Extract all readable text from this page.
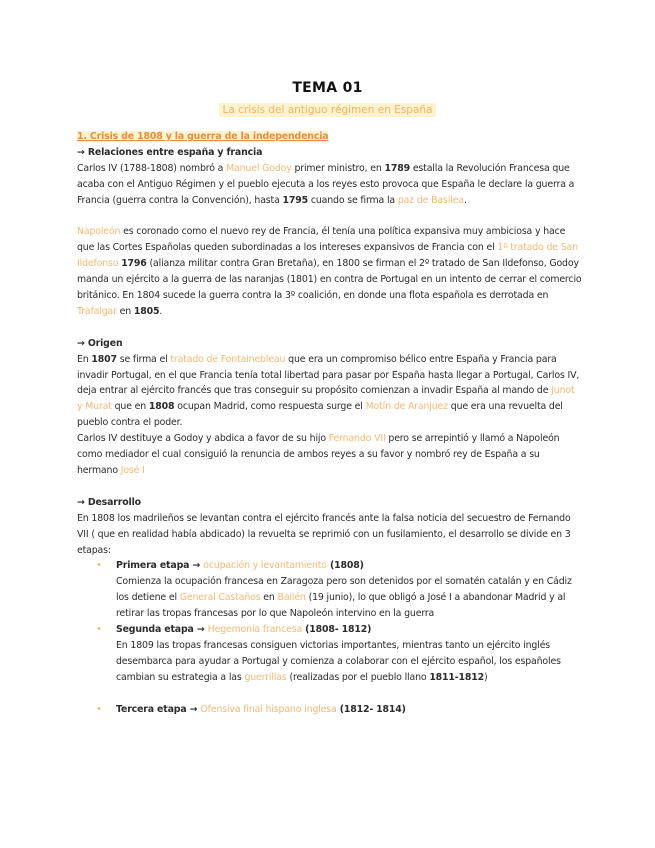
TEMA 01
La crisis del antiguo régimen en España

1. Crisis de 1808 y la guerra de la independencia

→ Relaciones entre españa y francia

Carlos IV (1788-1808) nombró a Manuel Godoy primer ministro, en 1789 estalla la Revolución Francesa que acaba con el Antiguo Régimen y el pueblo ejecuta a los reyes esto provoca que España le declare la guerra a Francia (guerra contra la Convención), hasta 1795 cuando se firma la paz de Basilea.

Napoleón es coronado como el nuevo rey de Francia, él tenía una política expansiva muy ambiciosa y hace que las Cortes Españolas queden subordinadas a los intereses expansivos de Francia con el 1º tratado de San Ildefonso 1796 (alianza militar contra Gran Bretaña), en 1800 se firman el 2º tratado de San Ildefonso, Godoy manda un ejército a la guerra de las naranjas (1801) en contra de Portugal en un intento de cerrar el comercio británico. En 1804 sucede la guerra contra la 3º coalición, en donde una flota española es derrotada en Trafalgar en 1805.

→ Origen

En 1807 se firma el tratado de Fontainebleau que era un compromiso bélico entre España y Francia para invadir Portugal, en el que Francia tenía total libertad para pasar por España hasta llegar a Portugal, Carlos IV, deja entrar al ejército francés que tras conseguir su propósito comienzan a invadir España al mando de Junot y Murat que en 1808 ocupan Madrid, como respuesta surge el Motín de Aranjuez que era una revuelta del pueblo contra el poder.

Carlos IV destituye a Godoy y abdica a favor de su hijo Fernando VII pero se arrepintió y llamó a Napoleón como mediador el cual consiguió la renuncia de ambos reyes a su favor y nombró rey de España a su hermano José I

→ Desarrollo

En 1808 los madrileños se levantan contra el ejército francés ante la falsa noticia del secuestro de Fernando VII ( que en realidad había abdicado) la revuelta se reprimió con un fusilamiento, el desarrollo se divide en 3 etapas:

• Primera etapa → ocupación y levantamiento (1808)

Comienza la ocupación francesa en Zaragoza pero son detenidos por el somatén catalán y en Cádiz los detiene el General Castaños en Bailén (19 junio), lo que obligó a José I a abandonar Madrid y al retirar las tropas francesas por lo que Napoleón intervino en la guerra

• Segunda etapa → Hegemonía francesa (1808- 1812)

En 1809 las tropas francesas consiguen victorias importantes, mientras tanto un ejército inglés desembarca para ayudar a Portugal y comienza a colaborar con el ejército español, los españoles cambian su estrategia a las guerrillas (realizadas por el pueblo llano 1811-1812)

• Tercera etapa → Ofensiva final hispano inglesa (1812- 1814)
